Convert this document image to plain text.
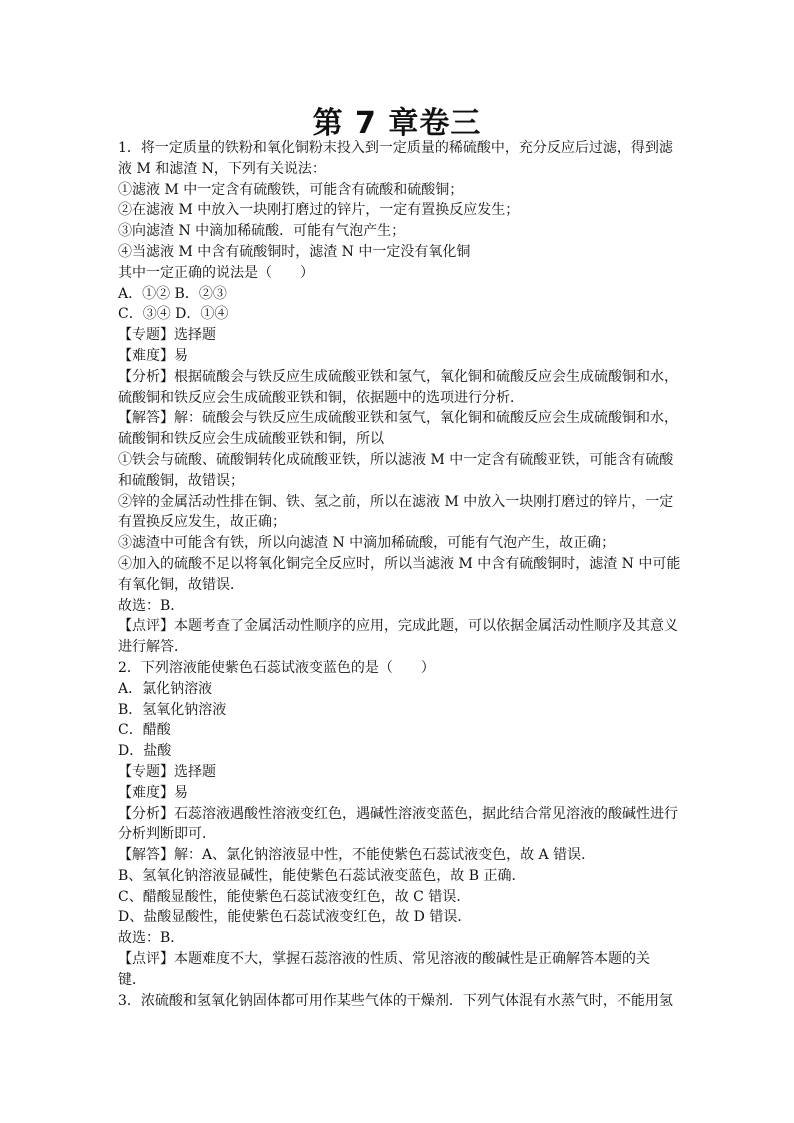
第 7 章卷三
1．将一定质量的铁粉和氧化铜粉末投入到一定质量的稀硫酸中，充分反应后过滤，得到滤
液 M 和滤渣 N，下列有关说法：
①滤液 M 中一定含有硫酸铁，可能含有硫酸和硫酸铜；
②在滤液 M 中放入一块刚打磨过的锌片，一定有置换反应发生；
③向滤渣 N 中滴加稀硫酸．可能有气泡产生；
④当滤液 M 中含有硫酸铜时，滤渣 N 中一定没有氧化铜
其中一定正确的说法是（　　）
A．①② B．②③
C．③④ D．①④
【专题】选择题
【难度】易
【分析】根据硫酸会与铁反应生成硫酸亚铁和氢气，氧化铜和硫酸反应会生成硫酸铜和水，
硫酸铜和铁反应会生成硫酸亚铁和铜，依据题中的选项进行分析．
【解答】解：硫酸会与铁反应生成硫酸亚铁和氢气，氧化铜和硫酸反应会生成硫酸铜和水，
硫酸铜和铁反应会生成硫酸亚铁和铜，所以
①铁会与硫酸、硫酸铜转化成硫酸亚铁，所以滤液 M 中一定含有硫酸亚铁，可能含有硫酸
和硫酸铜，故错误；
②锌的金属活动性排在铜、铁、氢之前，所以在滤液 M 中放入一块刚打磨过的锌片，一定
有置换反应发生，故正确；
③滤渣中可能含有铁，所以向滤渣 N 中滴加稀硫酸，可能有气泡产生，故正确；
④加入的硫酸不足以将氧化铜完全反应时，所以当滤液 M 中含有硫酸铜时，滤渣 N 中可能
有氧化铜，故错误．
故选：B．
【点评】本题考查了金属活动性顺序的应用，完成此题，可以依据金属活动性顺序及其意义
进行解答．
2．下列溶液能使紫色石蕊试液变蓝色的是（　　）
A．氯化钠溶液
B．氢氧化钠溶液
C．醋酸
D．盐酸
【专题】选择题
【难度】易
【分析】石蕊溶液遇酸性溶液变红色，遇碱性溶液变蓝色，据此结合常见溶液的酸碱性进行
分析判断即可．
【解答】解：A、氯化钠溶液显中性，不能使紫色石蕊试液变色，故 A 错误．
B、氢氧化钠溶液显碱性，能使紫色石蕊试液变蓝色，故 B 正确．
C、醋酸显酸性，能使紫色石蕊试液变红色，故 C 错误．
D、盐酸显酸性，能使紫色石蕊试液变红色，故 D 错误．
故选：B．
【点评】本题难度不大，掌握石蕊溶液的性质、常见溶液的酸碱性是正确解答本题的关
键．
3．浓硫酸和氢氧化钠固体都可用作某些气体的干燥剂．下列气体混有水蒸气时，不能用氢
